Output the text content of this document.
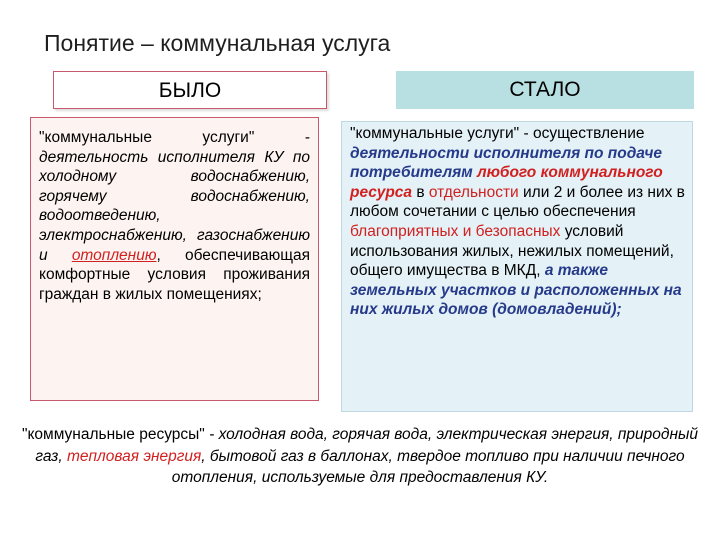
Понятие – коммунальная услуга
БЫЛО	СТАЛО

"коммунальные услуги" - деятельность исполнителя КУ по холодному водоснабжению, горячему водоснабжению, водоотведению, электроснабжению, газоснабжению и отоплению, обеспечивающая комфортные условия проживания граждан в жилых помещениях;

"коммунальные услуги" - осуществление деятельности исполнителя по подаче потребителям любого коммунального ресурса в отдельности или 2 и более из них в любом сочетании с целью обеспечения благоприятных и безопасных условий использования жилых, нежилых помещений, общего имущества в МКД, а также земельных участков и расположенных на них жилых домов (домовладений);

"коммунальные ресурсы" - холодная вода, горячая вода, электрическая энергия, природный газ, тепловая энергия, бытовой газ в баллонах, твердое топливо при наличии печного отопления, используемые для предоставления КУ.
